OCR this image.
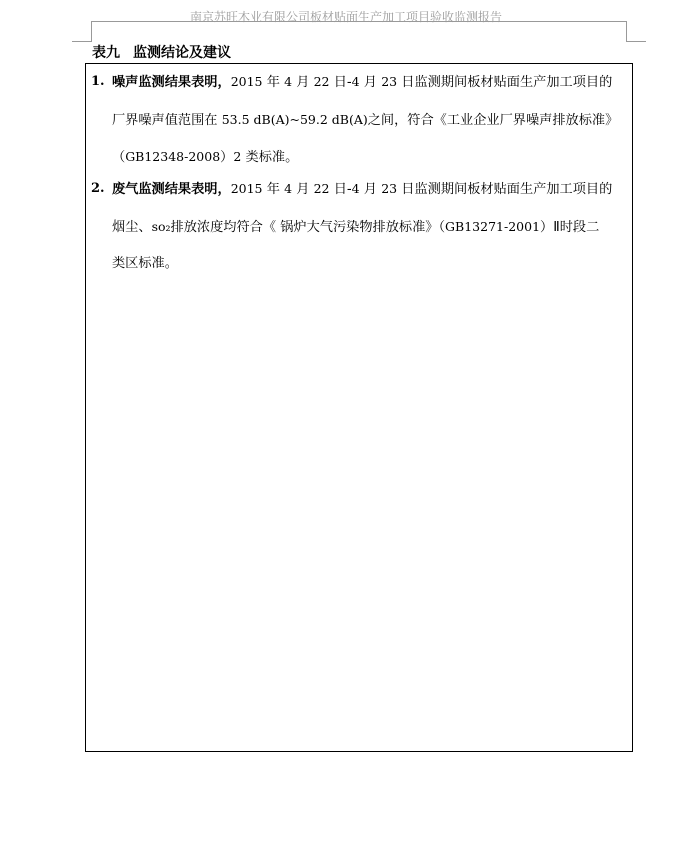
南京苏旺木业有限公司板材贴面生产加工项目验收监测报告
表九 监测结论及建议
1. 噪声监测结果表明，2015 年 4 月 22 日-4 月 23 日监测期间板材贴面生产加工项目的
厂界噪声值范围在 53.5 dB(A)~59.2 dB(A)之间，符合《工业企业厂界噪声排放标准》
（GB12348-2008）2 类标准。
2. 废气监测结果表明，2015 年 4 月 22 日-4 月 23 日监测期间板材贴面生产加工项目的
烟尘、so₂排放浓度均符合《 锅炉大气污染物排放标准》（GB13271-2001）Ⅱ时段二
类区标准。
